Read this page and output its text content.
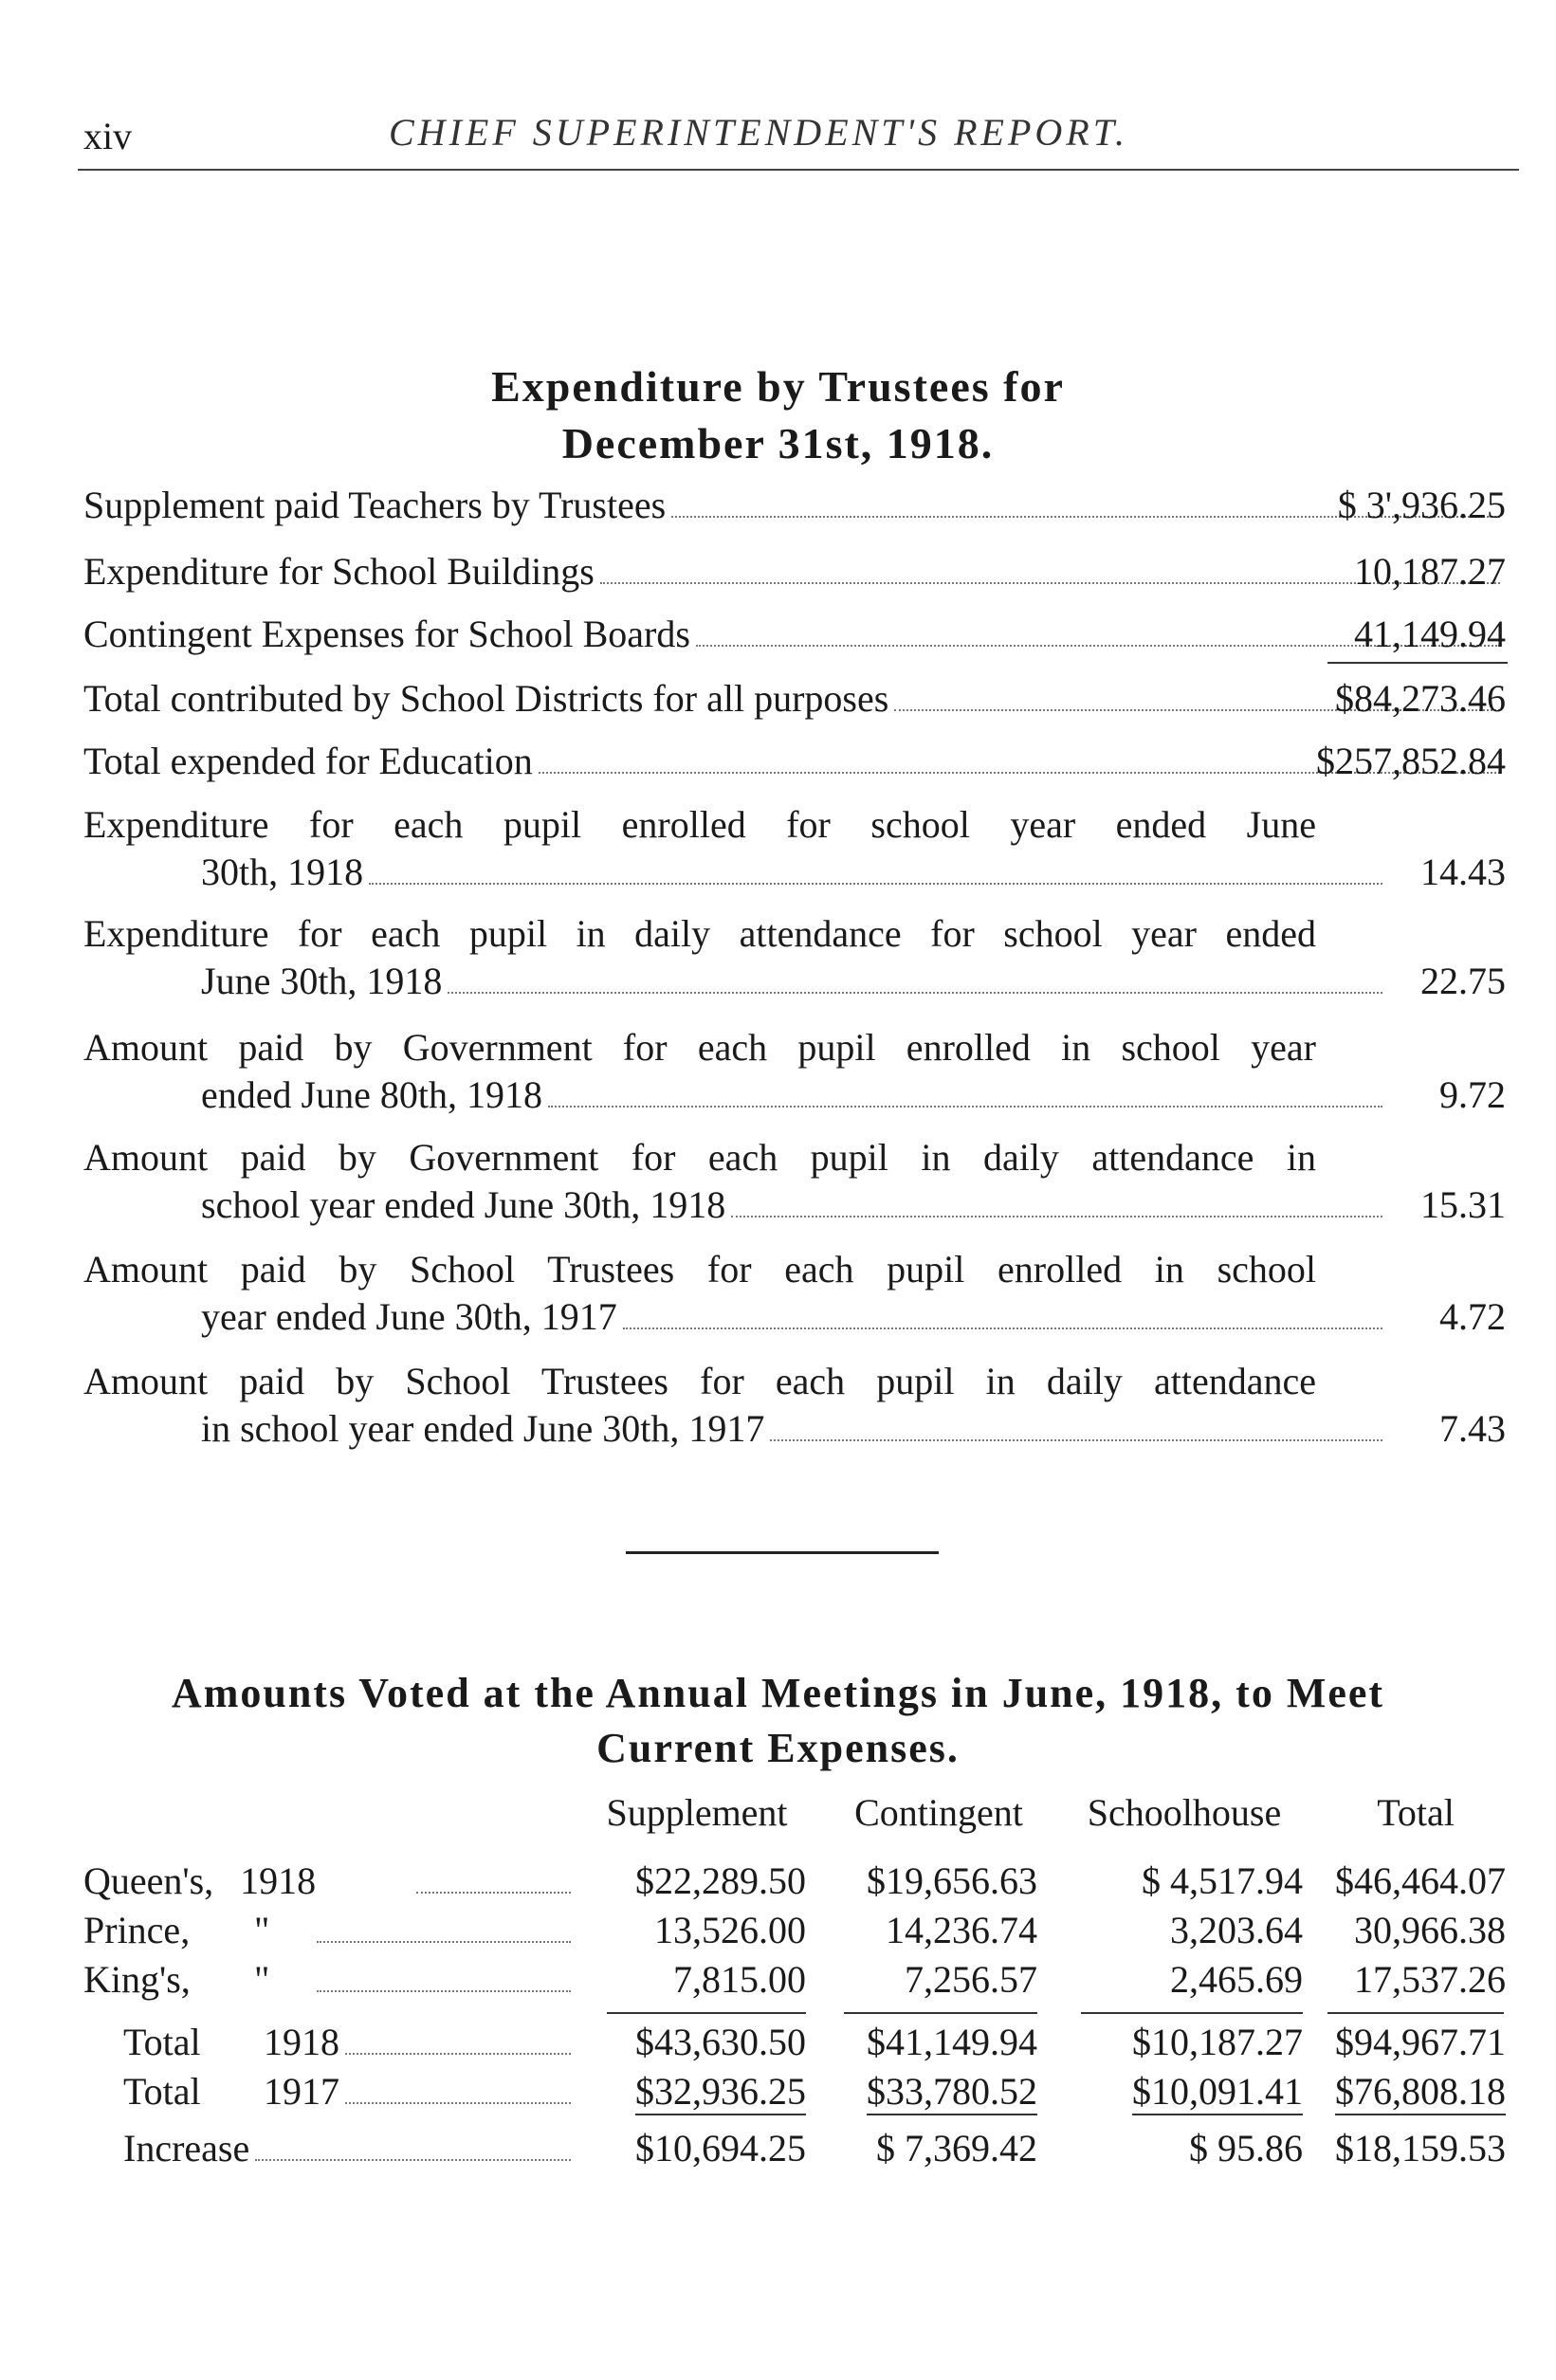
xiv	CHIEF SUPERINTENDENT'S REPORT.
Expenditure by Trustees for
December 31st, 1918.
Supplement paid Teachers by Trustees	$ 3',936.25
Expenditure for School Buildings	10,187.27
Contingent Expenses for School Boards	41,149.94
Total contributed by School Districts for all purposes	$84,273.46
Total expended for Education	$257,852.84
Expenditure for each pupil enrolled for school year ended June
30th, 1918	14.43
Expenditure for each pupil in daily attendance for school year ended
June 30th, 1918	22.75
Amount paid by Government for each pupil enrolled in school year
ended June 80th, 1918	9.72
Amount paid by Government for each pupil in daily attendance in
school year ended June 30th, 1918	15.31
Amount paid by School Trustees for each pupil enrolled in school
year ended June 30th, 1917	4.72
Amount paid by School Trustees for each pupil in daily attendance
in school year ended June 30th, 1917	7.43
Amounts Voted at the Annual Meetings in June, 1918, to Meet
Current Expenses.
Supplement	Contingent	Schoolhouse	Total
Queen's, 1918	$22,289.50 $19,656.63	$ 4,517.94 $46,464.07
Prince,	"	13,526.00 14,236.74	3,203.64 30,966.38
King's,	"	7,815.00	7,256.57	2,465.69 17,537.26
Total	1918	$43,630.50 $41,149.94	$10,187.27 $94,967.71
Total	1917	$32,936.25 $33,780.52	$10,091.41 $76,808.18
Increase	$10,694.25 $ 7,369.42	$ 95.86 $18,159.53
